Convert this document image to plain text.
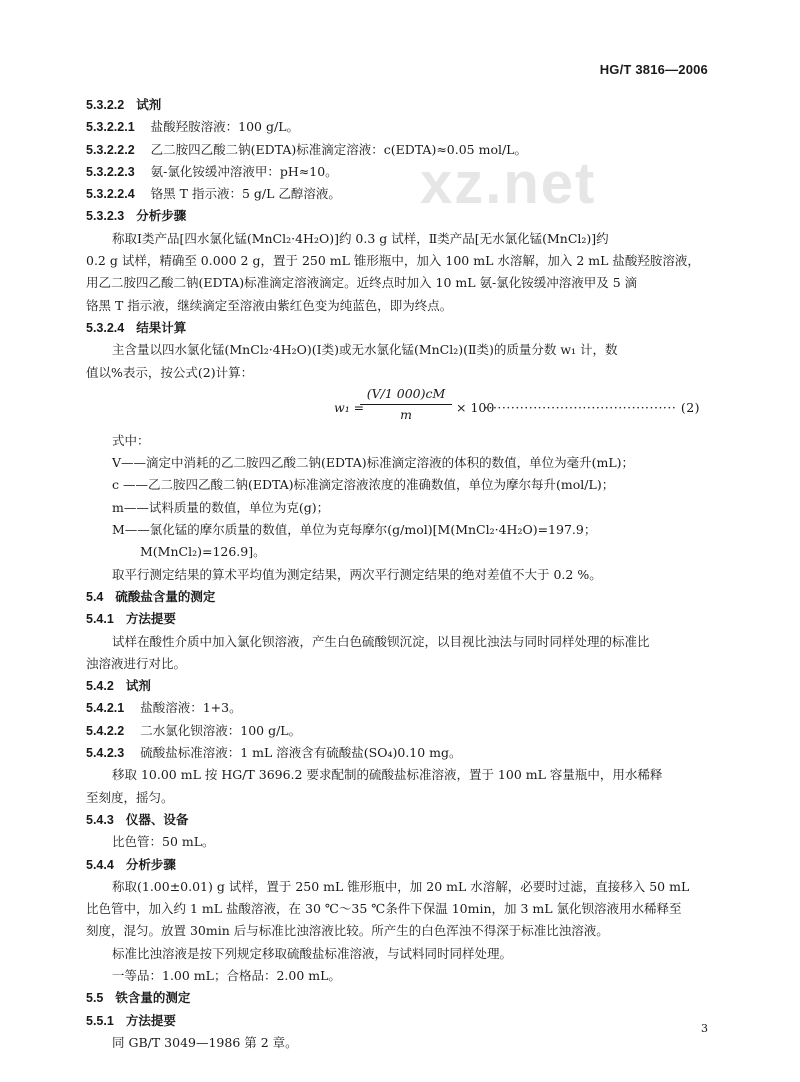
HG/T 3816—2006
xz.net
5.3.2.2 试剂
5.3.2.2.1 盐酸羟胺溶液：100 g/L。
5.3.2.2.2 乙二胺四乙酸二钠(EDTA)标准滴定溶液：c(EDTA)≈0.05 mol/L。
5.3.2.2.3 氨-氯化铵缓冲溶液甲：pH≈10。
5.3.2.2.4 铬黑 T 指示液：5 g/L 乙醇溶液。
5.3.2.3 分析步骤
称取Ⅰ类产品[四水氯化锰(MnCl₂·4H₂O)]约 0.3 g 试样，Ⅱ类产品[无水氯化锰(MnCl₂)]约
0.2 g 试样，精确至 0.000 2 g，置于 250 mL 锥形瓶中，加入 100 mL 水溶解，加入 2 mL 盐酸羟胺溶液，
用乙二胺四乙酸二钠(EDTA)标准滴定溶液滴定。近终点时加入 10 mL 氨-氯化铵缓冲溶液甲及 5 滴
铬黑 T 指示液，继续滴定至溶液由紫红色变为纯蓝色，即为终点。
5.3.2.4 结果计算
主含量以四水氯化锰(MnCl₂·4H₂O)(Ⅰ类)或无水氯化锰(MnCl₂)(Ⅱ类)的质量分数 w₁ 计，数
值以%表示，按公式(2)计算：
w₁ =
(V/1 000)cM
m	× 100
··········································· (2)
式中：
V——滴定中消耗的乙二胺四乙酸二钠(EDTA)标准滴定溶液的体积的数值，单位为毫升(mL)；
c ——乙二胺四乙酸二钠(EDTA)标准滴定溶液浓度的准确数值，单位为摩尔每升(mol/L)；
m——试料质量的数值，单位为克(g)；
M——氯化锰的摩尔质量的数值，单位为克每摩尔(g/mol)[M(MnCl₂·4H₂O)=197.9；
M(MnCl₂)=126.9]。
取平行测定结果的算术平均值为测定结果，两次平行测定结果的绝对差值不大于 0.2 %。
5.4 硫酸盐含量的测定
5.4.1 方法提要
试样在酸性介质中加入氯化钡溶液，产生白色硫酸钡沉淀，以目视比浊法与同时同样处理的标准比
浊溶液进行对比。
5.4.2 试剂
5.4.2.1 盐酸溶液：1+3。
5.4.2.2 二水氯化钡溶液：100 g/L。
5.4.2.3 硫酸盐标准溶液：1 mL 溶液含有硫酸盐(SO₄)0.10 mg。
移取 10.00 mL 按 HG/T 3696.2 要求配制的硫酸盐标准溶液，置于 100 mL 容量瓶中，用水稀释
至刻度，摇匀。
5.4.3 仪器、设备
比色管：50 mL。
5.4.4 分析步骤
称取(1.00±0.01) g 试样，置于 250 mL 锥形瓶中，加 20 mL 水溶解，必要时过滤，直接移入 50 mL
比色管中，加入约 1 mL 盐酸溶液，在 30 ℃～35 ℃条件下保温 10min，加 3 mL 氯化钡溶液用水稀释至
刻度，混匀。放置 30min 后与标准比浊溶液比较。所产生的白色浑浊不得深于标准比浊溶液。
标准比浊溶液是按下列规定移取硫酸盐标准溶液，与试料同时同样处理。
一等品：1.00 mL；合格品：2.00 mL。
5.5 铁含量的测定
5.5.1 方法提要
同 GB/T 3049—1986 第 2 章。
3
